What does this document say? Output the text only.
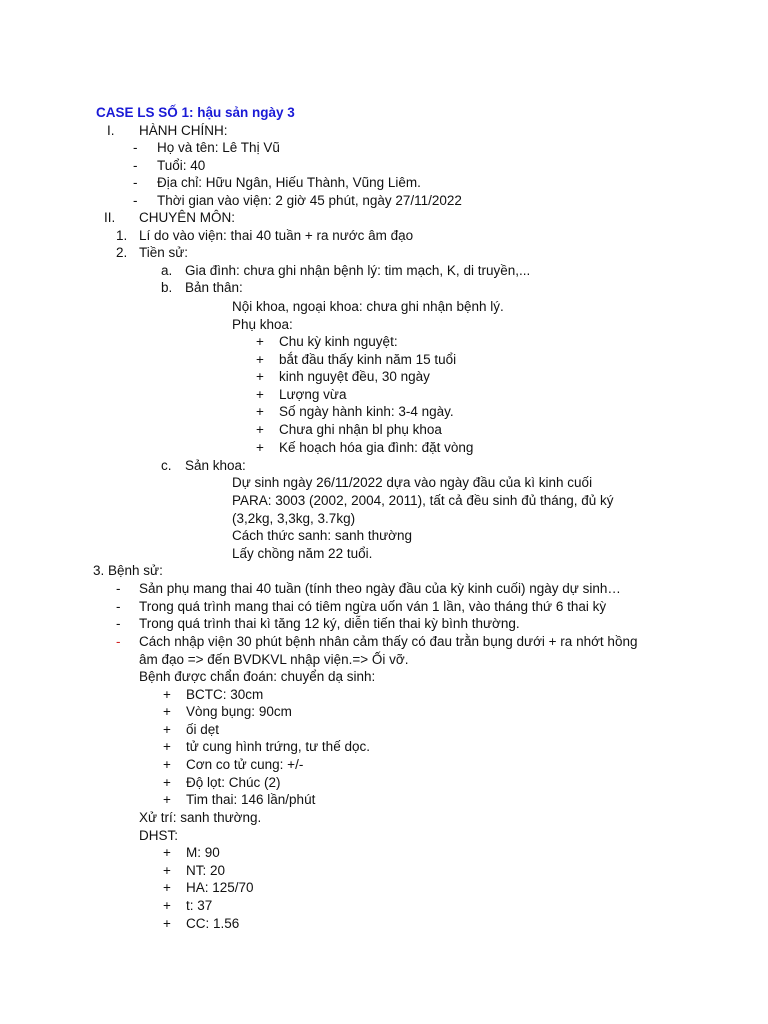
CASE LS SỐ 1: hậu sản ngày 3
I. HÀNH CHÍNH:
- Họ và tên: Lê Thị Vũ
- Tuổi: 40
- Địa chỉ: Hữu Ngân, Hiếu Thành, Vũng Liêm.
- Thời gian vào viện: 2 giờ 45 phút, ngày 27/11/2022
II. CHUYÊN MÔN:
1. Lí do vào viện: thai 40 tuần + ra nước âm đạo
2. Tiền sử:
a. Gia đình: chưa ghi nhận bệnh lý: tim mạch, K, di truyền,...
b. Bản thân:
Nội khoa, ngoại khoa: chưa ghi nhận bệnh lý.
Phụ khoa:
+ Chu kỳ kinh nguyệt:
+ bắt đầu thấy kinh năm 15 tuổi
+ kinh nguyệt đều, 30 ngày
+ Lượng vừa
+ Số ngày hành kinh: 3-4 ngày.
+ Chưa ghi nhận bl phụ khoa
+ Kế hoạch hóa gia đình: đặt vòng
c. Sản khoa:
Dự sinh ngày 26/11/2022 dựa vào ngày đầu của kì kinh cuối
PARA: 3003 (2002, 2004, 2011), tất cả đều sinh đủ tháng, đủ ký
(3,2kg, 3,3kg, 3.7kg)
Cách thức sanh: sanh thường
Lấy chồng năm 22 tuổi.
3. Bệnh sử:
- Sản phụ mang thai 40 tuần (tính theo ngày đầu của kỳ kinh cuối) ngày dự sinh…
- Trong quá trình mang thai có tiêm ngừa uốn ván 1 lần, vào tháng thứ 6 thai kỳ
- Trong quá trình thai kì tăng 12 ký, diễn tiến thai kỳ bình thường.
- Cách nhập viện 30 phút bệnh nhân cảm thấy có đau trằn bụng dưới + ra nhớt hồng
âm đạo => đến BVDKVL nhập viện.=> Ối vỡ.
Bệnh được chẩn đoán: chuyển dạ sinh:
+ BCTC: 30cm
+ Vòng bụng: 90cm
+ ối dẹt
+ tử cung hình trứng, tư thế dọc.
+ Cơn co tử cung: +/-
+ Độ lọt: Chúc (2)
+ Tim thai: 146 lần/phút
Xử trí: sanh thường.
DHST:
+ M: 90
+ NT: 20
+ HA: 125/70
+ t: 37
+ CC: 1.56
